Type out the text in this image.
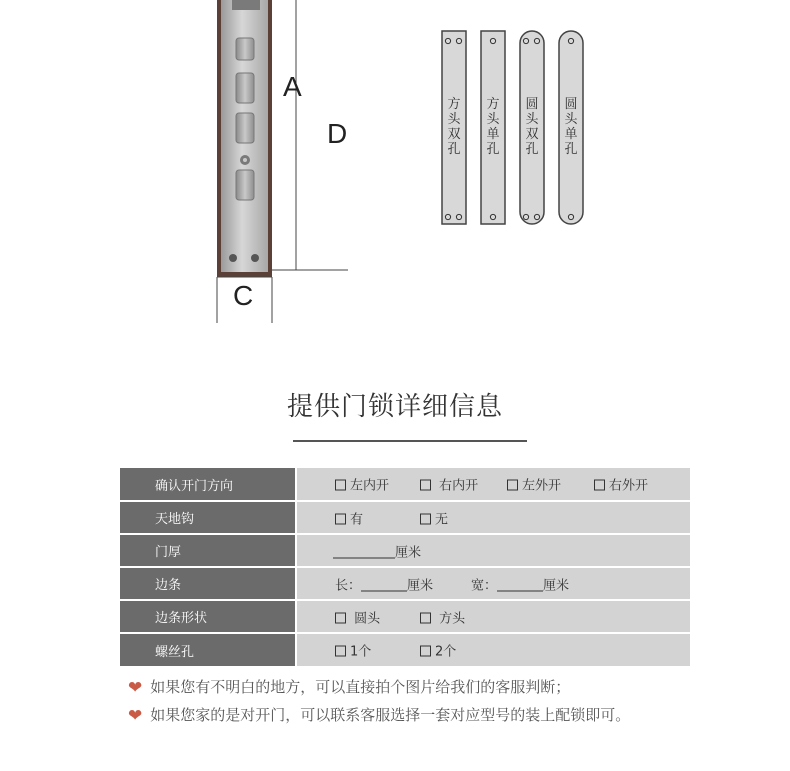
A
D
C
方头双孔
方头单孔
圆头双孔
圆头单孔
提供门锁详细信息
确认开门方向	左内开 右内开 左外开 右外开

天地钩	有 无

门厚	厘米

边条	长： 厘米 宽： 厘米

边条形状	圆头 方头

螺丝孔	1个 2个
❤ 如果您有不明白的地方，可以直接拍个图片给我们的客服判断；
❤ 如果您家的是对开门，可以联系客服选择一套对应型号的装上配锁即可。
